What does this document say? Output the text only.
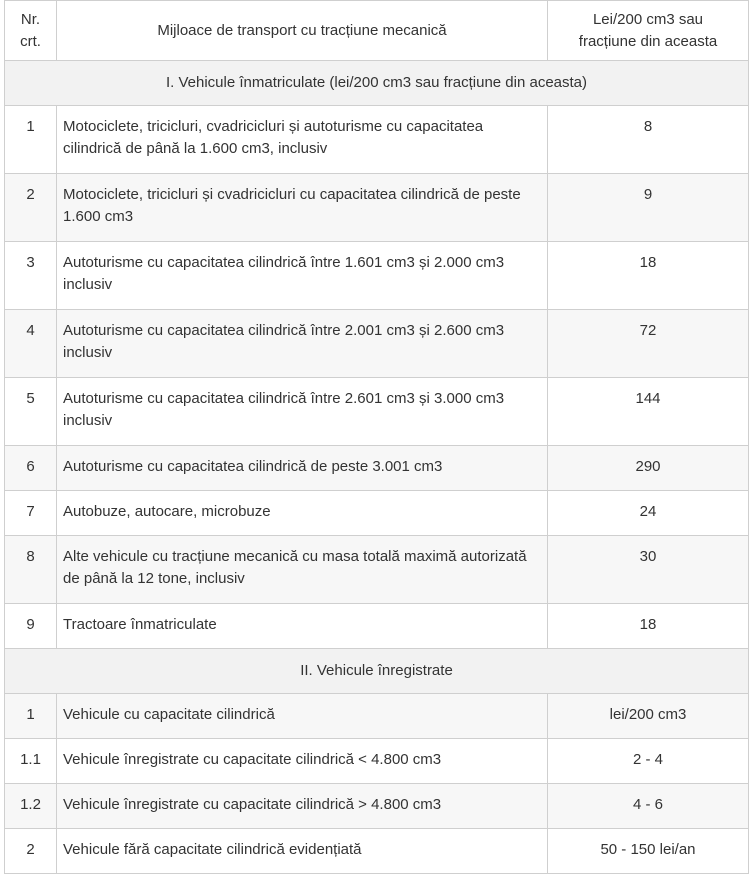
Nr. crt.	Mijloace de transport cu tracțiune mecanică	Lei/200 cm3 sau fracțiune din aceasta
I. Vehicule înmatriculate (lei/200 cm3 sau fracțiune din aceasta)		
1	Motociclete, tricicluri, cvadricicluri și autoturisme cu capacitatea cilindrică de până la 1.600 cm3, inclusiv	8
2	Motociclete, tricicluri și cvadricicluri cu capacitatea cilindrică de peste 1.600 cm3	9
3	Autoturisme cu capacitatea cilindrică între 1.601 cm3 și 2.000 cm3 inclusiv	18
4	Autoturisme cu capacitatea cilindrică între 2.001 cm3 și 2.600 cm3 inclusiv	72
5	Autoturisme cu capacitatea cilindrică între 2.601 cm3 și 3.000 cm3 inclusiv	144
6	Autoturisme cu capacitatea cilindrică de peste 3.001 cm3	290
7	Autobuze, autocare, microbuze	24
8	Alte vehicule cu tracțiune mecanică cu masa totală maximă autorizată de până la 12 tone, inclusiv	30
9	Tractoare înmatriculate	18
II. Vehicule înregistrate		
1	Vehicule cu capacitate cilindrică	lei/200 cm3
1.1	Vehicule înregistrate cu capacitate cilindrică < 4.800 cm3	2 - 4
1.2	Vehicule înregistrate cu capacitate cilindrică > 4.800 cm3	4 - 6
2	Vehicule fără capacitate cilindrică evidențiată	50 - 150 lei/an
